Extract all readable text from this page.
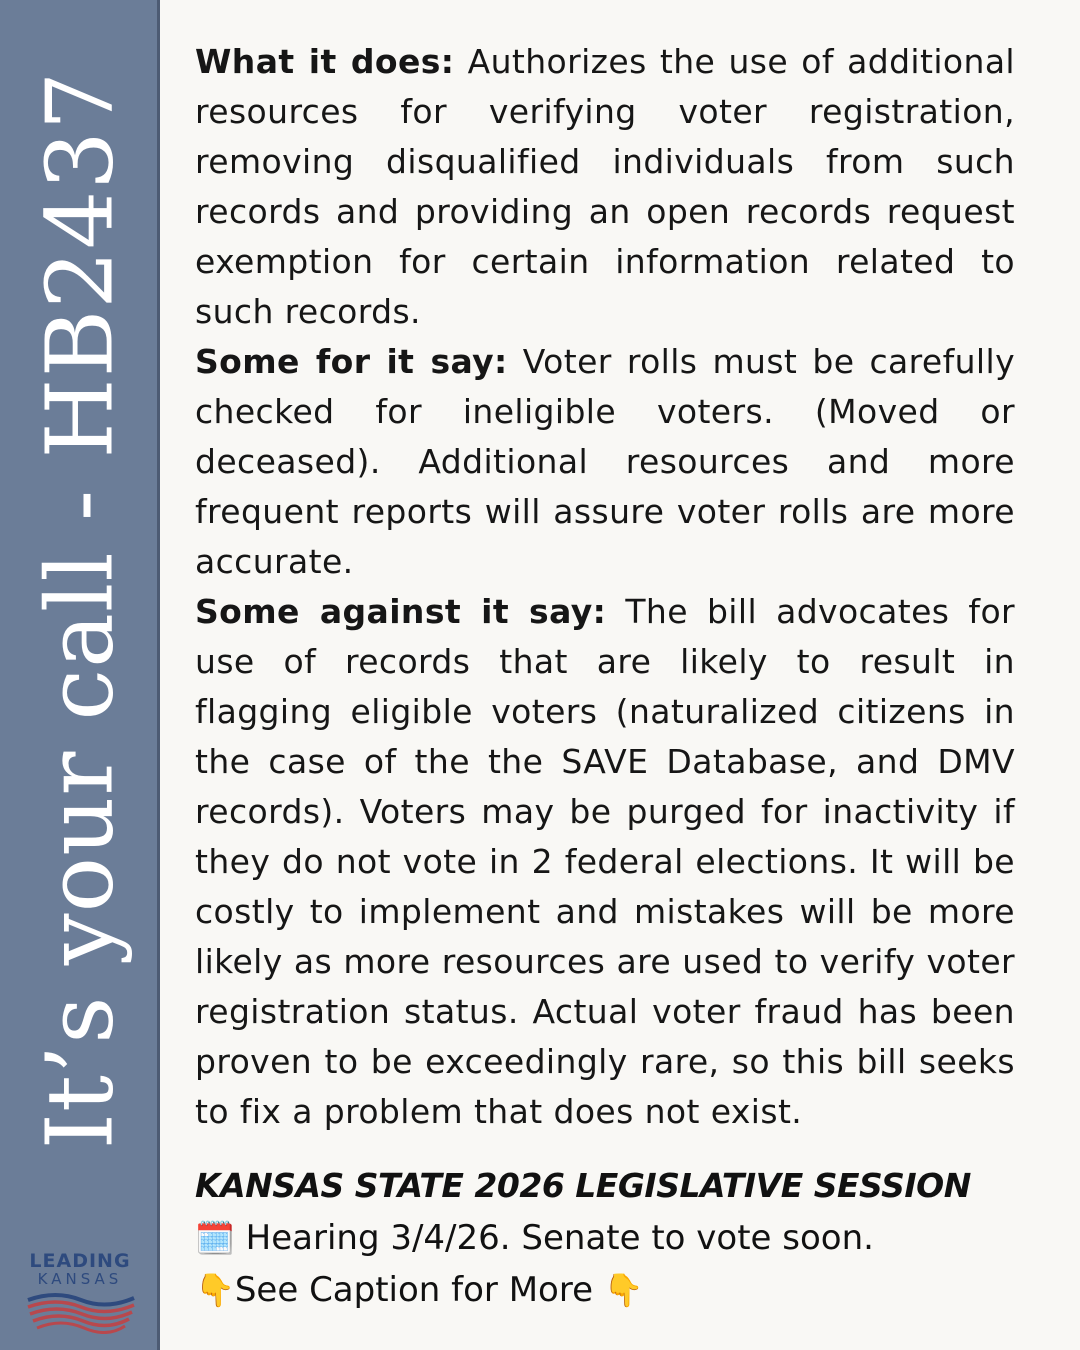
It’s your call - HB2437
LEADING
KANSAS

What it does: Authorizes the use of additional resources for verifying voter registration, removing disqualified individuals from such records and providing an open records request exemption for certain information related to such records.

Some for it say: Voter rolls must be carefully checked for ineligible voters. (Moved or deceased). Additional resources and more frequent reports will assure voter rolls are more accurate.

Some against it say: The bill advocates for use of records that are likely to result in flagging eligible voters (naturalized citizens in the case of the the SAVE Database, and DMV records). Voters may be purged for inactivity if they do not vote in 2 federal elections. It will be costly to implement and mistakes will be more likely as more resources are used to verify voter registration status. Actual voter fraud has been proven to be exceedingly rare, so this bill seeks to fix a problem that does not exist.

KANSAS STATE 2026 LEGISLATIVE SESSION
🗓️ Hearing 3/4/26. Senate to vote soon.
👇See Caption for More 👇
